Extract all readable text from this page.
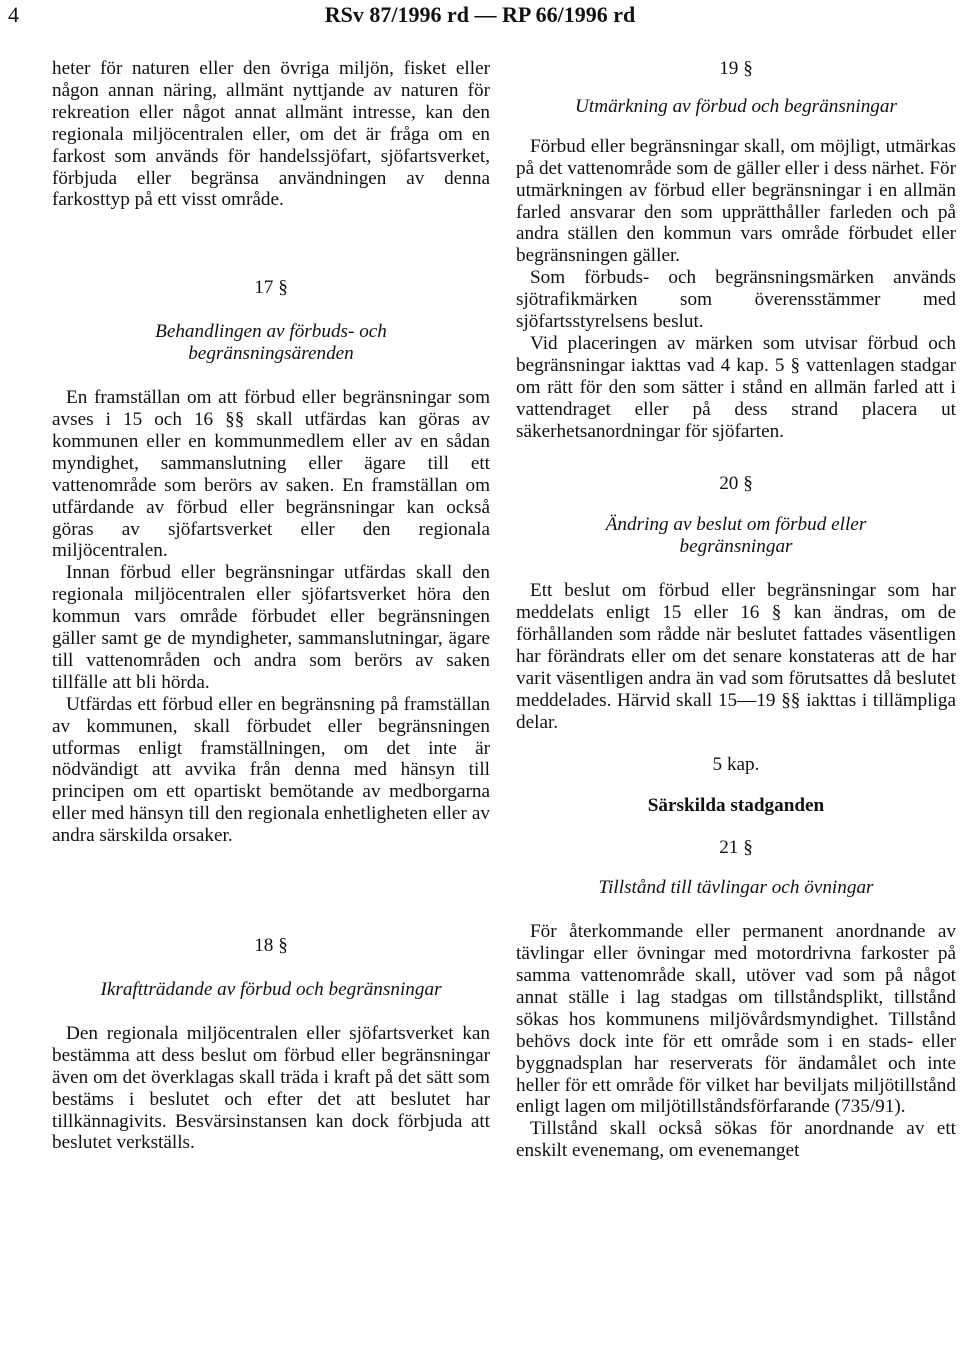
4	RSv 87/1996 rd — RP 66/1996 rd

heter för naturen eller den övriga miljön, fisket eller någon annan näring, allmänt nyttjande av naturen för rekreation eller något annat allmänt intresse, kan den regionala miljöcentralen eller, om det är fråga om en farkost som används för handelssjöfart, sjöfartsverket, förbjuda eller begränsa användningen av denna farkosttyp på ett visst område.

17 §
Behandlingen av förbuds- och begränsningsärenden

En framställan om att förbud eller begränsningar som avses i 15 och 16 §§ skall utfärdas kan göras av kommunen eller en kommunmedlem eller av en sådan myndighet, sammanslutning eller ägare till ett vattenområde som berörs av saken. En framställan om utfärdande av förbud eller begränsningar kan också göras av sjöfartsverket eller den regionala miljöcentralen.

Innan förbud eller begränsningar utfärdas skall den regionala miljöcentralen eller sjöfartsverket höra den kommun vars område förbudet eller begränsningen gäller samt ge de myndigheter, sammanslutningar, ägare till vattenområden och andra som berörs av saken tillfälle att bli hörda.

Utfärdas ett förbud eller en begränsning på framställan av kommunen, skall förbudet eller begränsningen utformas enligt framställningen, om det inte är nödvändigt att avvika från denna med hänsyn till principen om ett opartiskt bemötande av medborgarna eller med hänsyn till den regionala enhetligheten eller av andra särskilda orsaker.

18 §
Ikraftträdande av förbud och begränsningar

Den regionala miljöcentralen eller sjöfartsverket kan bestämma att dess beslut om förbud eller begränsningar även om det överklagas skall träda i kraft på det sätt som bestäms i beslutet och efter det att beslutet har tillkännagivits. Besvärsinstansen kan dock förbjuda att beslutet verkställs.

19 §
Utmärkning av förbud och begränsningar

Förbud eller begränsningar skall, om möjligt, utmärkas på det vattenområde som de gäller eller i dess närhet. För utmärkningen av förbud eller begränsningar i en allmän farled ansvarar den som upprätthåller farleden och på andra ställen den kommun vars område förbudet eller begränsningen gäller.

Som förbuds- och begränsningsmärken används sjötrafikmärken som överensstämmer med sjöfartsstyrelsens beslut.

Vid placeringen av märken som utvisar förbud och begränsningar iakttas vad 4 kap. 5 § vattenlagen stadgar om rätt för den som sätter i stånd en allmän farled att i vattendraget eller på dess strand placera ut säkerhetsanordningar för sjöfarten.

20 §
Ändring av beslut om förbud eller begränsningar

Ett beslut om förbud eller begränsningar som har meddelats enligt 15 eller 16 § kan ändras, om de förhållanden som rådde när beslutet fattades väsentligen har förändrats eller om det senare konstateras att de har varit väsentligen andra än vad som förutsattes då beslutet meddelades. Härvid skall 15—19 §§ iakttas i tillämpliga delar.

5 kap.
Särskilda stadganden
21 §
Tillstånd till tävlingar och övningar

För återkommande eller permanent anordnande av tävlingar eller övningar med motordrivna farkoster på samma vattenområde skall, utöver vad som på något annat ställe i lag stadgas om tillståndsplikt, tillstånd sökas hos kommunens miljövårdsmyndighet. Tillstånd behövs dock inte för ett område som i en stads- eller byggnadsplan har reserverats för ändamålet och inte heller för ett område för vilket har beviljats miljötillstånd enligt lagen om miljötillståndsförfarande (735/91).

Tillstånd skall också sökas för anordnande av ett enskilt evenemang, om evenemanget
